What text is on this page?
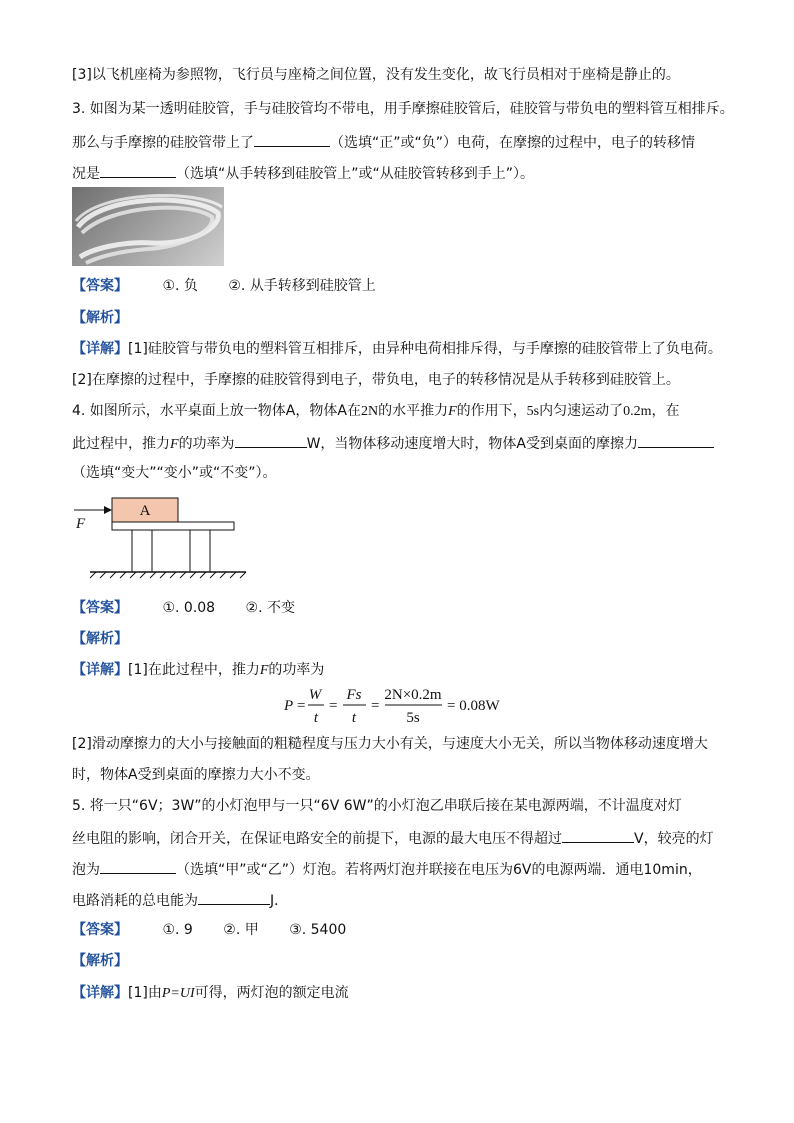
[3]以飞机座椅为参照物，飞行员与座椅之间位置，没有发生变化，故飞行员相对于座椅是静止的。
3. 如图为某一透明硅胶管，手与硅胶管均不带电，用手摩擦硅胶管后，硅胶管与带负电的塑料管互相排斥。
那么与手摩擦的硅胶管带上了	（选填“正”或“负”）电荷，在摩擦的过程中，电子的转移情
况是	（选填“从手转移到硅胶管上”或“从硅胶管转移到手上”）。
【答案】 ①. 负 ②. 从手转移到硅胶管上
【解析】
【详解】[1]硅胶管与带负电的塑料管互相排斥，由异种电荷相排斥得，与手摩擦的硅胶管带上了负电荷。
[2]在摩擦的过程中，手摩擦的硅胶管得到电子，带负电，电子的转移情况是从手转移到硅胶管上。
4. 如图所示，水平桌面上放一物体A，物体A在2N的水平推力F的作用下，5s内匀速运动了0.2m，在
此过程中，推力F的功率为	W，当物体移动速度增大时，物体A受到桌面的摩擦力
（选填“变大”“变小”或“不变”）。
A
F
【答案】 ①. 0.08 ②. 不变
【解析】
【详解】[1]在此过程中，推力F的功率为
P =
W
t
=
Fs
t
=
2N×0.2m
5s
= 0.08W
[2]滑动摩擦力的大小与接触面的粗糙程度与压力大小有关，与速度大小无关，所以当物体移动速度增大
时，物体A受到桌面的摩擦力大小不变。
5. 将一只“6V；3W”的小灯泡甲与一只“6V 6W”的小灯泡乙串联后接在某电源两端，不计温度对灯
丝电阻的影响，闭合开关，在保证电路安全的前提下，电源的最大电压不得超过	V，较亮的灯
泡为	（选填“甲”或“乙”）灯泡。若将两灯泡并联接在电压为6V的电源两端．通电10min，
电路消耗的总电能为	J．
【答案】 ①. 9 ②. 甲 ③. 5400
【解析】
【详解】[1]由P=UI可得，两灯泡的额定电流
